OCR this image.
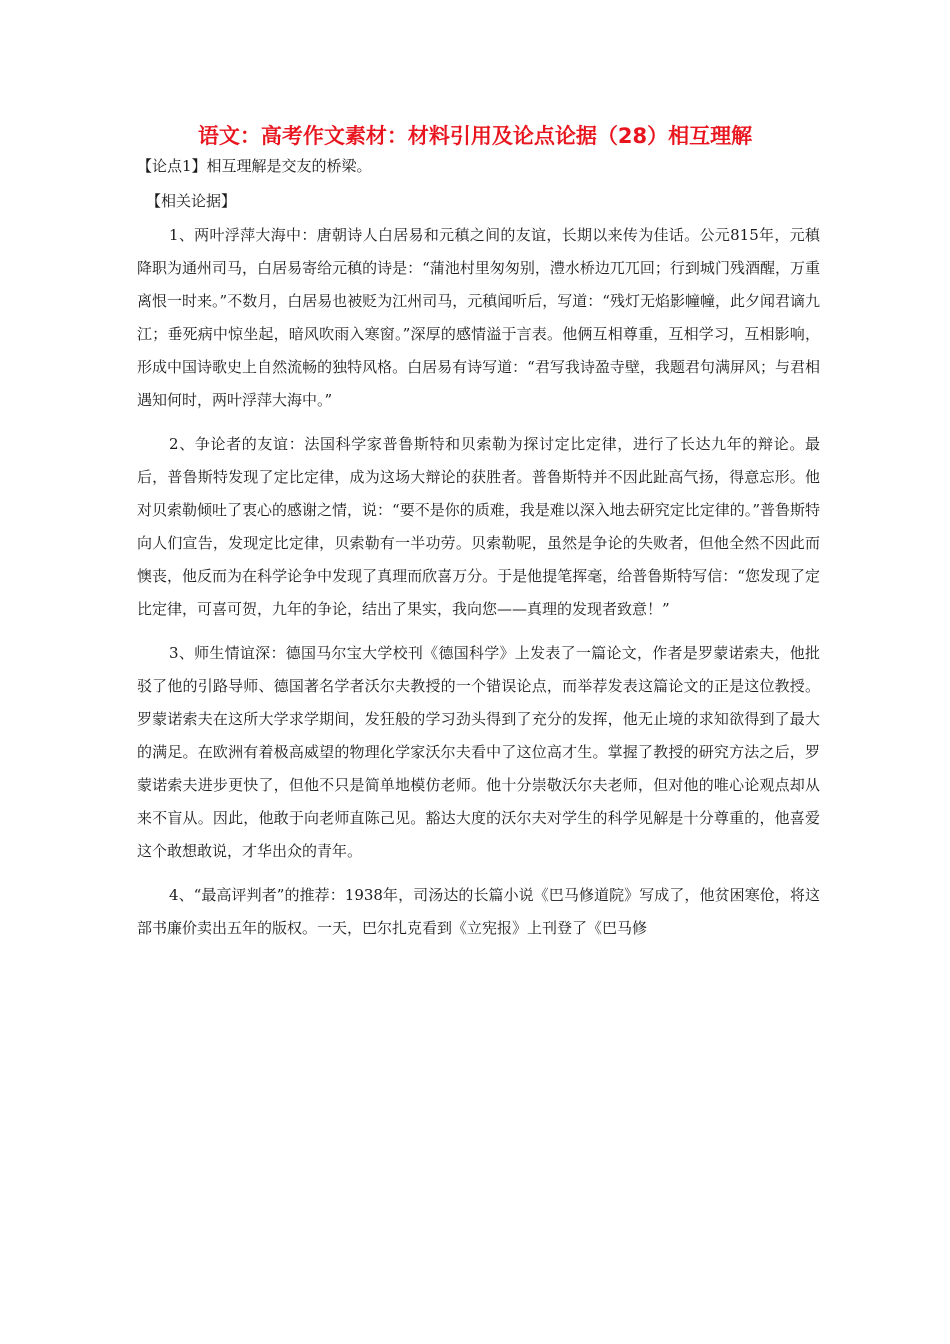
语文：高考作文素材：材料引用及论点论据（28）相互理解
【论点1】相互理解是交友的桥梁。
【相关论据】

1、两叶浮萍大海中：唐朝诗人白居易和元稹之间的友谊，长期以来传为佳话。公元815年，元稹降职为通州司马，白居易寄给元稹的诗是：“蒲池村里匆匆别，澧水桥边兀兀回；行到城门残酒醒，万重离恨一时来。”不数月，白居易也被贬为江州司马，元稹闻听后，写道：“残灯无焰影幢幢，此夕闻君谪九江；垂死病中惊坐起，暗风吹雨入寒窗。”深厚的感情溢于言表。他俩互相尊重，互相学习，互相影响，形成中国诗歌史上自然流畅的独特风格。白居易有诗写道：“君写我诗盈寺壁，我题君句满屏风；与君相遇知何时，两叶浮萍大海中。”

2、争论者的友谊：法国科学家普鲁斯特和贝索勒为探讨定比定律，进行了长达九年的辩论。最后，普鲁斯特发现了定比定律，成为这场大辩论的获胜者。普鲁斯特并不因此趾高气扬，得意忘形。他对贝索勒倾吐了衷心的感谢之情，说：“要不是你的质难，我是难以深入地去研究定比定律的。”普鲁斯特向人们宣告，发现定比定律，贝索勒有一半功劳。贝索勒呢，虽然是争论的失败者，但他全然不因此而懊丧，他反而为在科学论争中发现了真理而欣喜万分。于是他提笔挥毫，给普鲁斯特写信：“您发现了定比定律，可喜可贺，九年的争论，结出了果实，我向您——真理的发现者致意！”

3、师生情谊深：德国马尔宝大学校刊《德国科学》上发表了一篇论文，作者是罗蒙诺索夫，他批驳了他的引路导师、德国著名学者沃尔夫教授的一个错误论点，而举荐发表这篇论文的正是这位教授。罗蒙诺索夫在这所大学求学期间，发狂般的学习劲头得到了充分的发挥，他无止境的求知欲得到了最大的满足。在欧洲有着极高威望的物理化学家沃尔夫看中了这位高才生。掌握了教授的研究方法之后，罗蒙诺索夫进步更快了，但他不只是简单地模仿老师。他十分崇敬沃尔夫老师，但对他的唯心论观点却从来不盲从。因此，他敢于向老师直陈己见。豁达大度的沃尔夫对学生的科学见解是十分尊重的，他喜爱这个敢想敢说，才华出众的青年。

4、“最高评判者”的推荐：1938年，司汤达的长篇小说《巴马修道院》写成了，他贫困寒伧，将这部书廉价卖出五年的版权。一天，巴尔扎克看到《立宪报》上刊登了《巴马修
